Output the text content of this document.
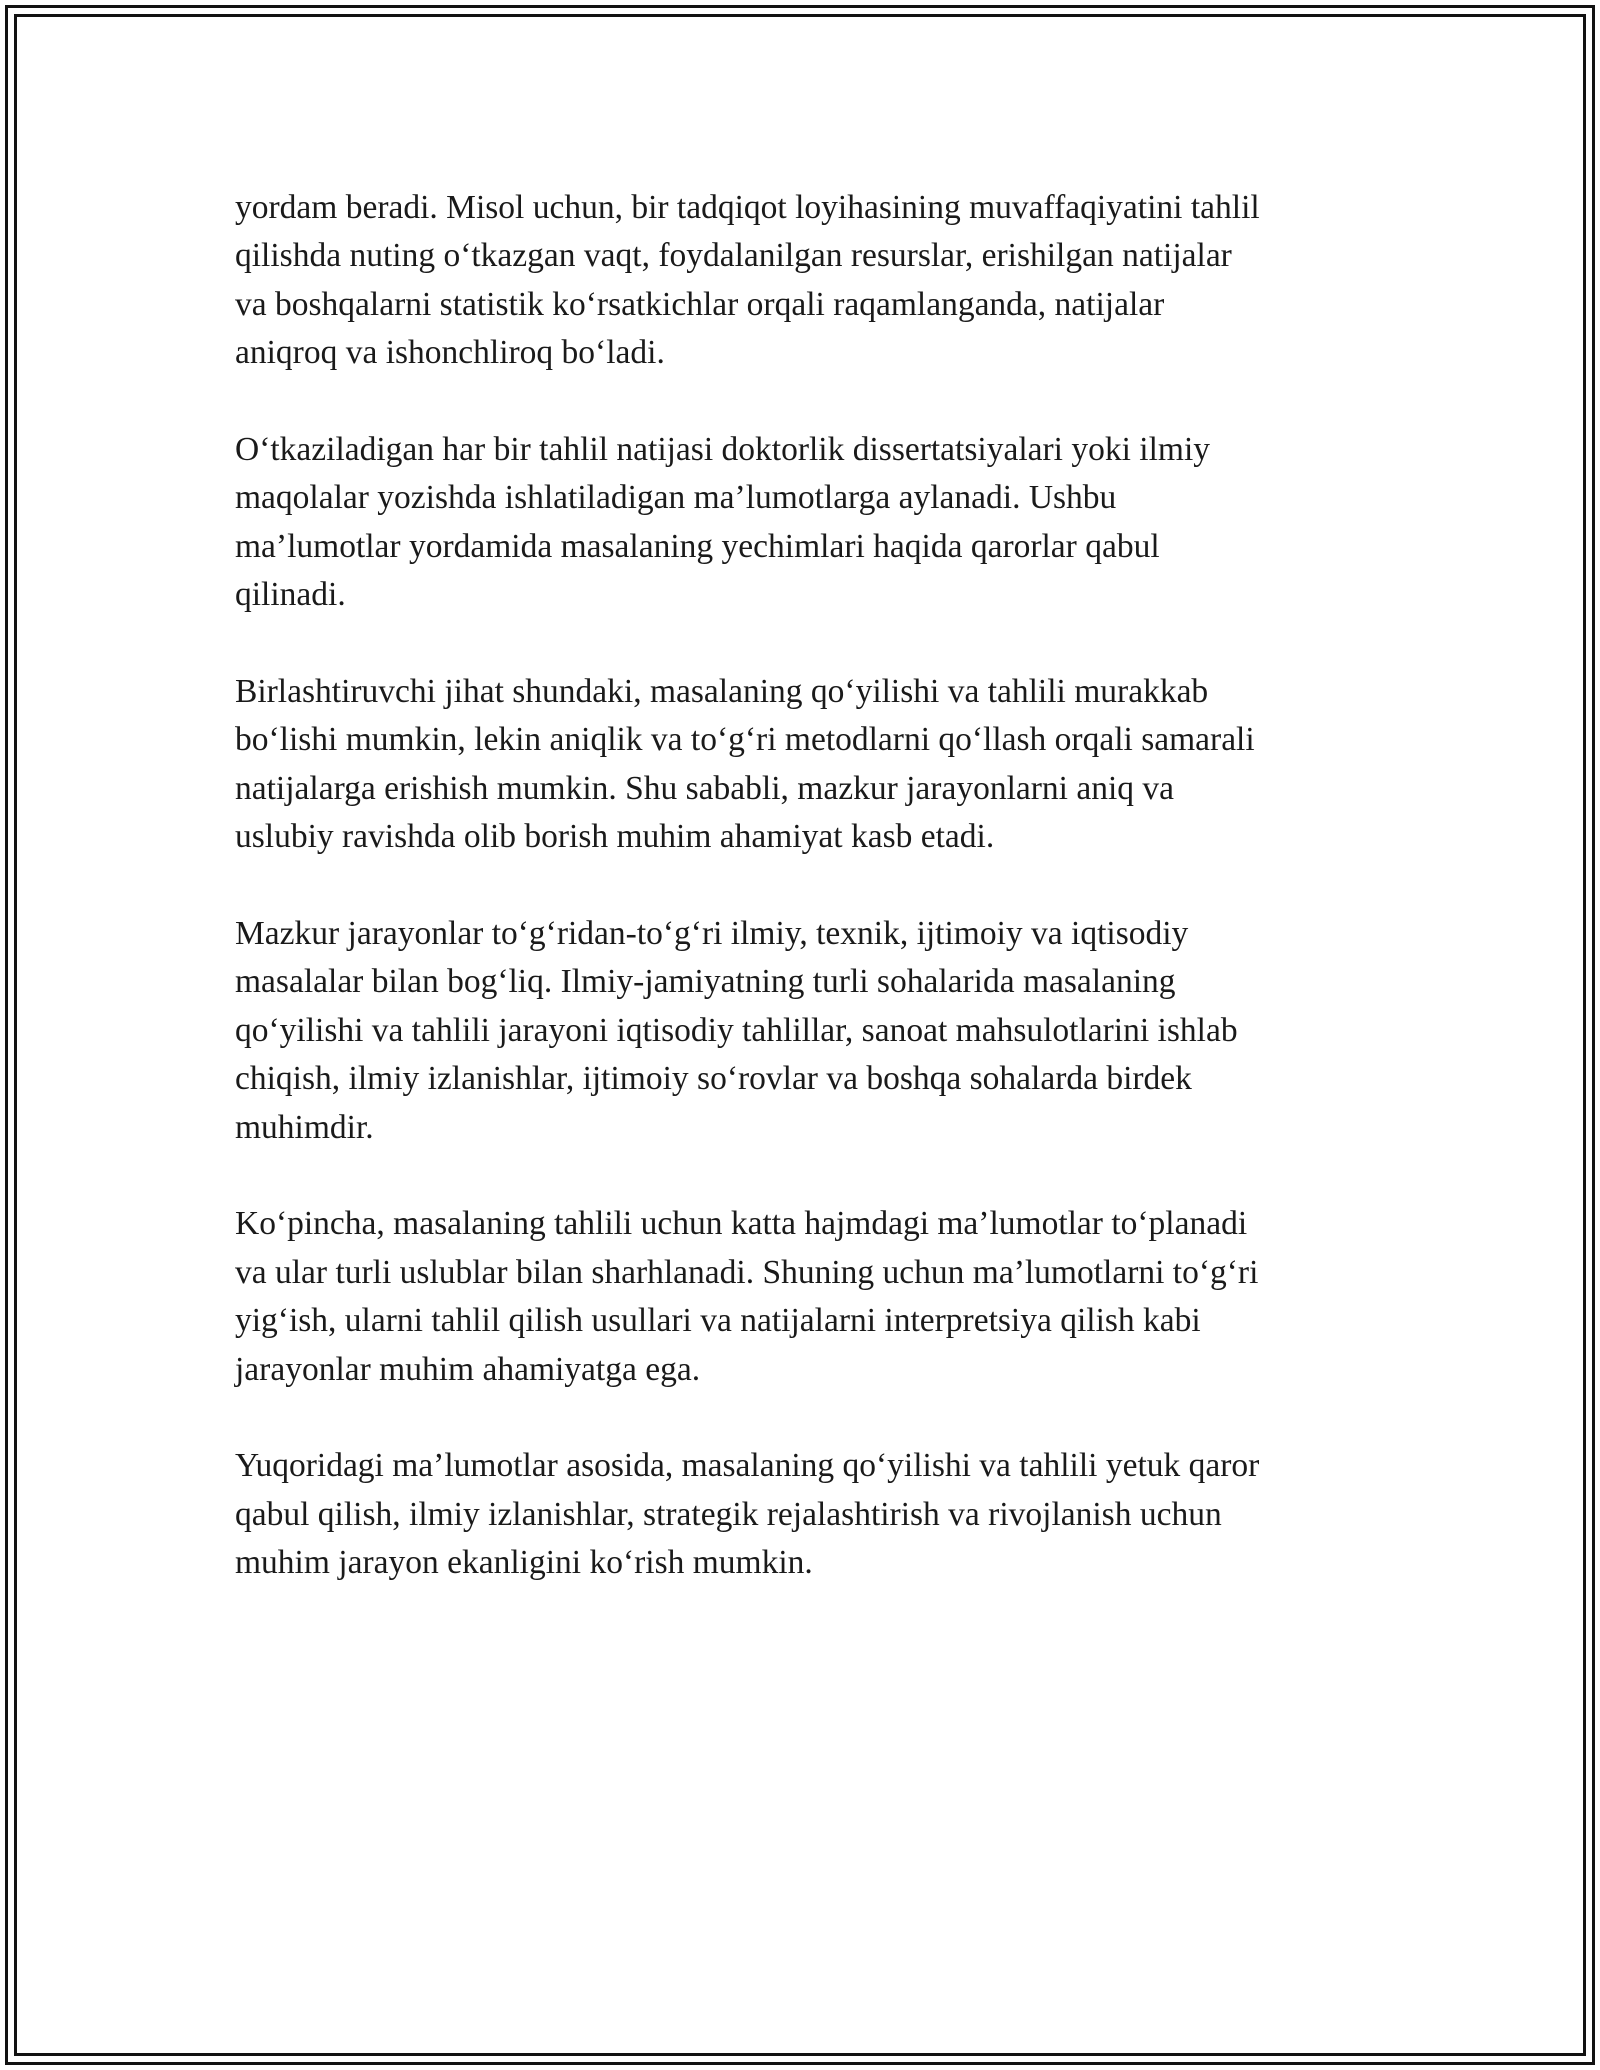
yordam beradi. Misol uchun, bir tadqiqot loyihasining muvaffaqiyatini tahlil
qilishda nuting o‘tkazgan vaqt, foydalanilgan resurslar, erishilgan natijalar
va boshqalarni statistik ko‘rsatkichlar orqali raqamlanganda, natijalar
aniqroq va ishonchliroq bo‘ladi.

O‘tkaziladigan har bir tahlil natijasi doktorlik dissertatsiyalari yoki ilmiy
maqolalar yozishda ishlatiladigan ma’lumotlarga aylanadi. Ushbu
ma’lumotlar yordamida masalaning yechimlari haqida qarorlar qabul
qilinadi.

Birlashtiruvchi jihat shundaki, masalaning qo‘yilishi va tahlili murakkab
bo‘lishi mumkin, lekin aniqlik va to‘g‘ri metodlarni qo‘llash orqali samarali
natijalarga erishish mumkin. Shu sababli, mazkur jarayonlarni aniq va
uslubiy ravishda olib borish muhim ahamiyat kasb etadi.

Mazkur jarayonlar to‘g‘ridan-to‘g‘ri ilmiy, texnik, ijtimoiy va iqtisodiy
masalalar bilan bog‘liq. Ilmiy-jamiyatning turli sohalarida masalaning
qo‘yilishi va tahlili jarayoni iqtisodiy tahlillar, sanoat mahsulotlarini ishlab
chiqish, ilmiy izlanishlar, ijtimoiy so‘rovlar va boshqa sohalarda birdek
muhimdir.

Ko‘pincha, masalaning tahlili uchun katta hajmdagi ma’lumotlar to‘planadi
va ular turli uslublar bilan sharhlanadi. Shuning uchun ma’lumotlarni to‘g‘ri
yig‘ish, ularni tahlil qilish usullari va natijalarni interpretsiya qilish kabi
jarayonlar muhim ahamiyatga ega.

Yuqoridagi ma’lumotlar asosida, masalaning qo‘yilishi va tahlili yetuk qaror
qabul qilish, ilmiy izlanishlar, strategik rejalashtirish va rivojlanish uchun
muhim jarayon ekanligini ko‘rish mumkin.
